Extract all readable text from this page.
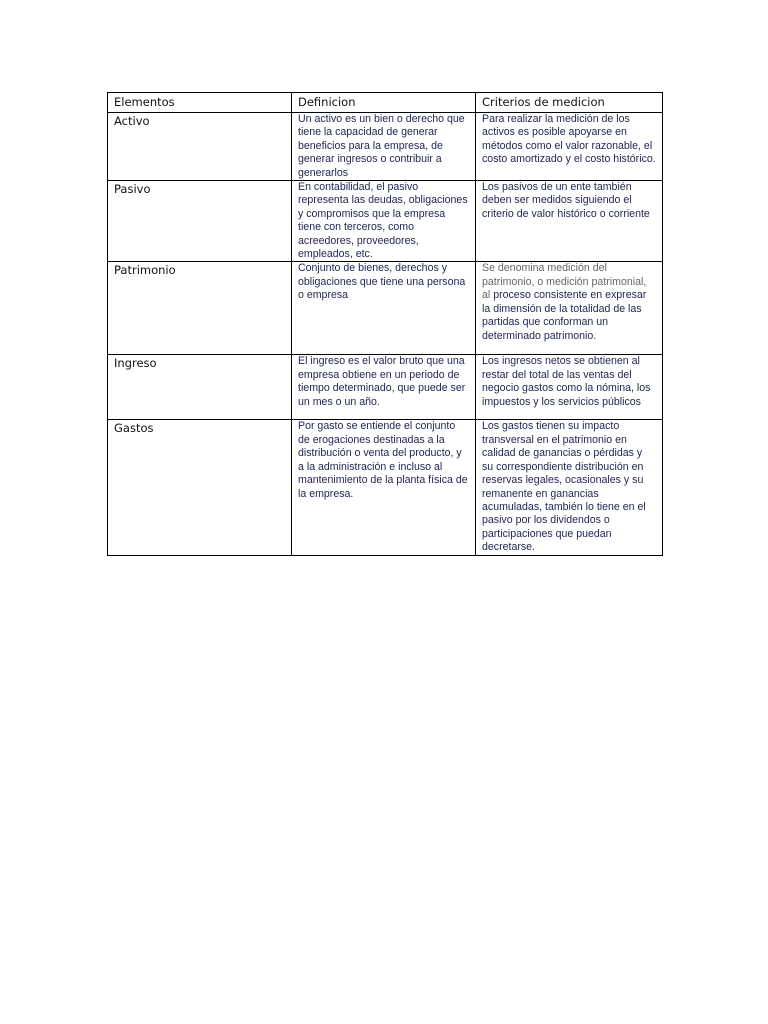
Elementos	Definicion	Criterios de medicion
Activo	Un activo es un bien o derecho que tiene la capacidad de generar beneficios para la empresa, de generar ingresos o contribuir a generarlos	Para realizar la medición de los activos es posible apoyarse en métodos como el valor razonable, el costo amortizado y el costo histórico.
Pasivo	En contabilidad, el pasivo representa las deudas, obligaciones y compromisos que la empresa tiene con terceros, como acreedores, proveedores, empleados, etc.	Los pasivos de un ente también deben ser medidos siguiendo el criterio de valor histórico o corriente
Patrimonio	Conjunto de bienes, derechos y obligaciones que tiene una persona o empresa	Se denomina medición del patrimonio, o medición patrimonial, al proceso consistente en expresar la dimensión de la totalidad de las partidas que conforman un determinado patrimonio.
Ingreso	El ingreso es el valor bruto que una empresa obtiene en un periodo de tiempo determinado, que puede ser un mes o un año.	Los ingresos netos se obtienen al restar del total de las ventas del negocio gastos como la nómina, los impuestos y los servicios públicos
Gastos	Por gasto se entiende el conjunto de erogaciones destinadas a la distribución o venta del producto, y a la administración e incluso al mantenimiento de la planta física de la empresa.	Los gastos tienen su impacto transversal en el patrimonio en calidad de ganancias o pérdidas y su correspondiente distribución en reservas legales, ocasionales y su remanente en ganancias acumuladas, también lo tiene en el pasivo por los dividendos o participaciones que puedan decretarse.
